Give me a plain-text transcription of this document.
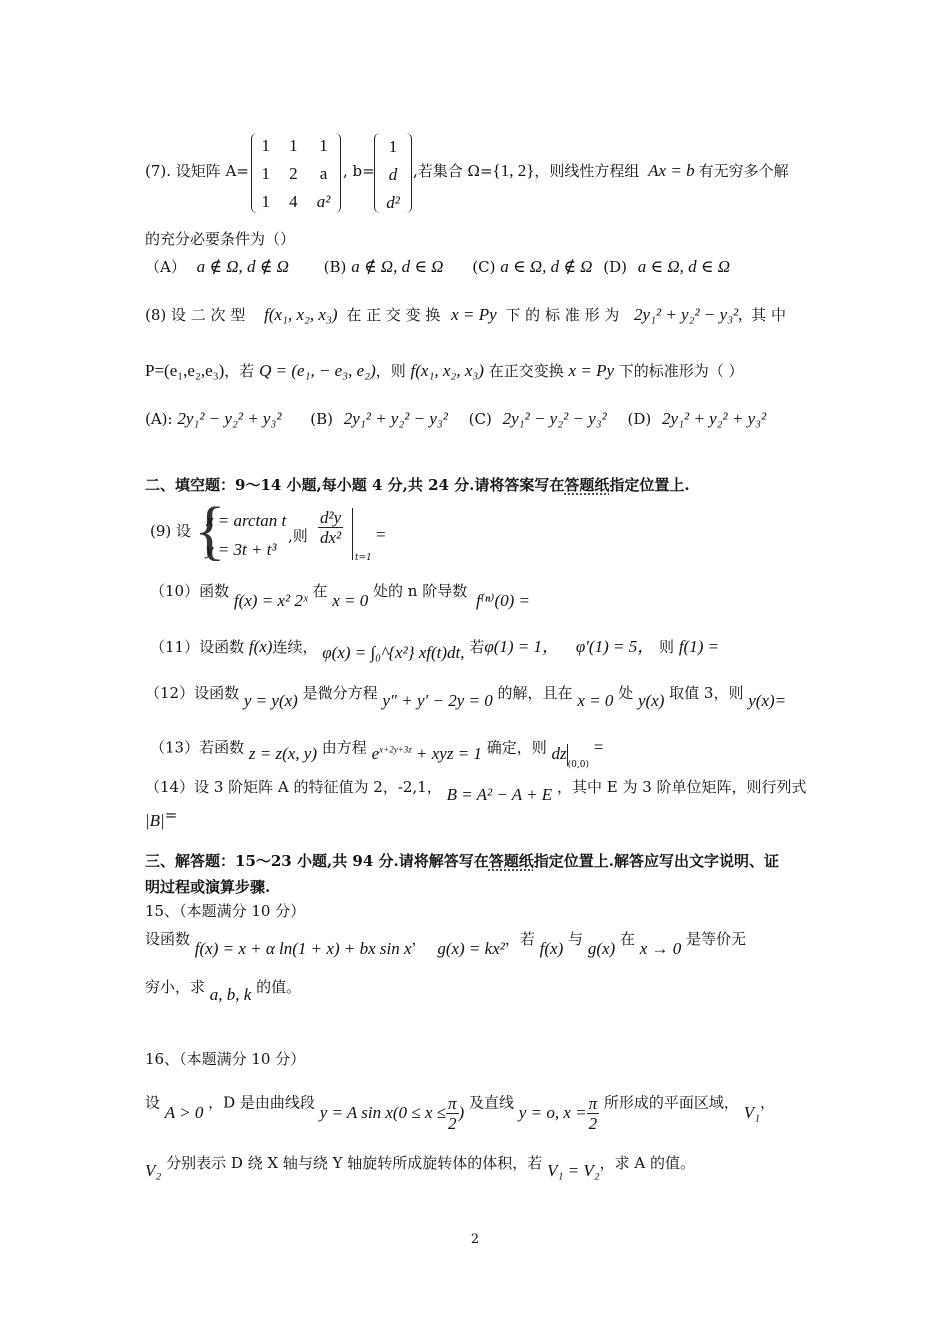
(7). 设矩阵 A=
1	1	1
1	2	a
1	4	a²
, b=
1
d
d²
,若集合 Ω={1, 2}，则线性方程组 Ax = b 有无穷多个解
的充分必要条件为（）
（A） a ∉ Ω, d ∉ Ω (B) a ∉ Ω, d ∈ Ω (C) a ∈ Ω, d ∉ Ω (D) a ∈ Ω, d ∈ Ω
(8) 设 二 次 型 f(x₁, x₂, x₃) 在 正 交 变 换 x = Py 下 的 标 准 形 为 2y₁² + y₂² − y₃², 其 中
P=(e₁,e₂,e₃)，若 Q = (e₁, − e₃, e₂)，则 f(x₁, x₂, x₃) 在正交变换 x = Py 下的标准形为（ ）
(A): 2y₁² − y₂² + y₃² (B) 2y₁² + y₂² − y₃² (C) 2y₁² − y₂² − y₃² (D) 2y₁² + y₂² + y₃²
二、填空题：9～14 小题,每小题 4 分,共 24 分.请将答案写在答题纸指定位置上.
(9) 设 {
x = arctan t
y = 3t + t³
,则 $\frac{\text{d²y}}{\text{dx²}}$
t=1
=
（10）函数 f(x) = x² 2ˣ 在 x = 0 处的 n 阶导数 f⁽ⁿ⁾(0) =
（11）设函数 f(x)连续， φ(x) = ∫₀^{x²} xf(t)dt, 若φ(1) = 1， φ′(1) = 5， 则 f(1) =
（12）设函数 y = y(x) 是微分方程 y″ + y′ − 2y = 0 的解，且在 x = 0 处 y(x) 取值 3，则 y(x)=
（13）若函数 z = z(x, y) 由方程 $e^{x+2y+3z}$ + xyz = 1 确定，则 $dz_{(0,0)}$ =
（14）设 3 阶矩阵 A 的特征值为 2，-2,1， B = A² − A + E ，其中 E 为 3 阶单位矩阵，则行列式
|B|=
三、解答题：15～23 小题,共 94 分.请将解答写在答题纸指定位置上.解答应写出文字说明、证
明过程或演算步骤.
15、（本题满分 10 分）
设函数 f(x) = x + α ln(1 + x) + bx sin x， g(x) = kx²，若 f(x) 与 g(x) 在 x → 0 是等价无
穷小，求 a, b, k 的值。
16、（本题满分 10 分）
设 A > 0 ，D 是由曲线段 y = A $\sin x(0 \le x \le \frac{\pi}{2}$ ) 及直线 y = o, $x = \frac{\pi}{2}$ 所形成的平面区域， V₁，
V₂ 分别表示 D 绕 X 轴与绕 Y 轴旋转所成旋转体的体积，若 V₁ = V₂，求 A 的值。
2
